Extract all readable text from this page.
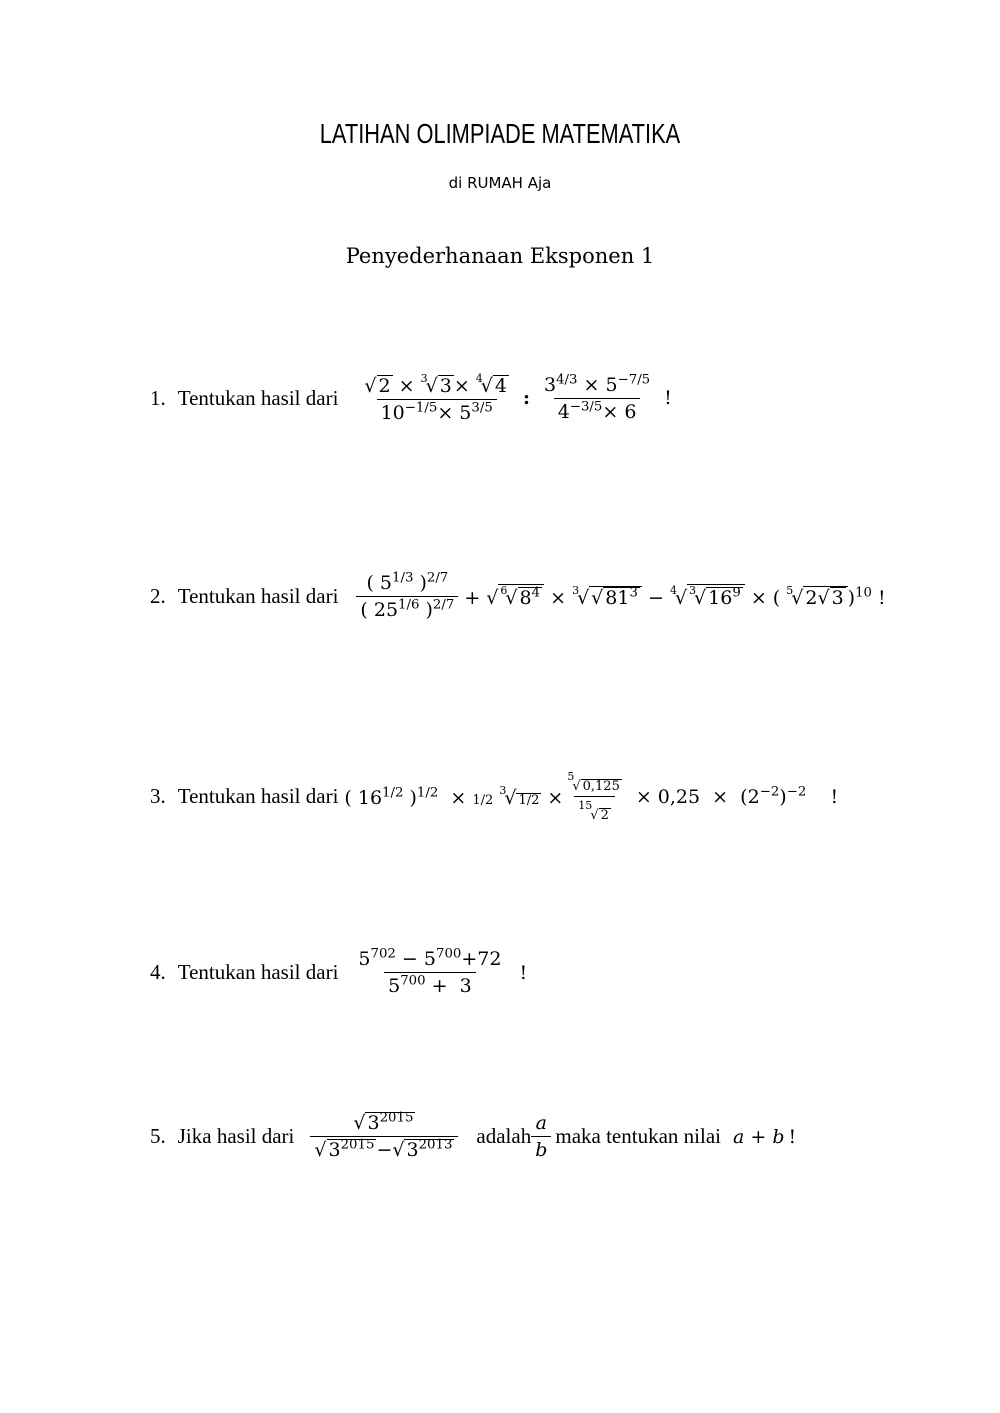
LATIHAN OLIMPIADE MATEMATIKA
di RUMAH Aja
Penyederhanaan Eksponen 1
1. Tentukan hasil dari $\frac{√ 2 \times ^3√ 3 \times ^4√ 4}{10^{-1/5}\times 5^{3/5}}$ : $\frac{3^{4/3} \times 5^{-7/5}}{4^{-3/5}\times 6}$ !
2. Tentukan hasil dari $\frac{( 5^{1/3} )^{2/7}}{( 25^{1/6} )^{2/7}}$ + √ $^6$√ $8^4 \times ^3√$ √ $81^3 - ^4√$ $^3$√ $16^9$ × ( $^5$√ 2√ 3 )$^{10}$ !
3. Tentukan hasil dari ( $16^{1/2}$ )$^{1/2}$  × 1/2 $^3$√ $1/2 \times \frac{^5√ 0,125}{^{15}√ 2} \times 0,25 \times (2^{-2})^{-2}$    !
4. Tentukan hasil dari $\frac{5^{702} - 5^{700}+72}{5^{700} + 3}$ !
5. Jika hasil dari $\frac{√ 3^{2015}}{√ 3^{2015} -√ 3^{2013}}$ adalah $\frac{a}{b}$ maka tentukan nilai a + b !
